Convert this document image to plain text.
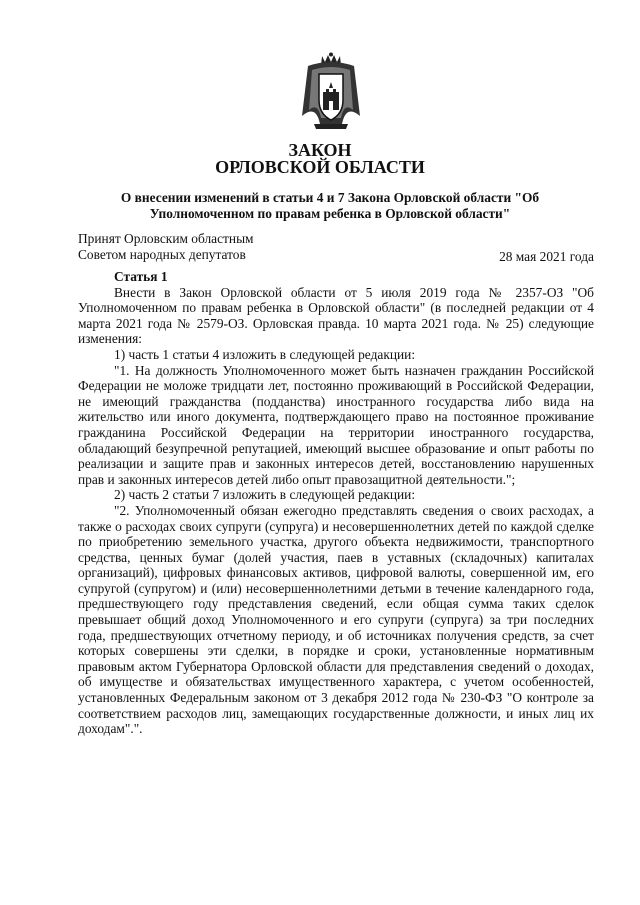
ЗАКОН
ОРЛОВСКОЙ ОБЛАСТИ
О внесении изменений в статьи 4 и 7 Закона Орловской области "Об Уполномоченном по правам ребенка в Орловской области"
Принят Орловским областным
Советом народных депутатов	28 мая 2021 года
Статья 1

Внести в Закон Орловской области от 5 июля 2019 года № 2357-ОЗ "Об Уполномоченном по правам ребенка в Орловской области" (в последней редакции от 4 марта 2021 года № 2579-ОЗ. Орловская правда. 10 марта 2021 года. № 25) следующие изменения:

1) часть 1 статьи 4 изложить в следующей редакции:

"1. На должность Уполномоченного может быть назначен гражданин Российской Федерации не моложе тридцати лет, постоянно проживающий в Российской Федерации, не имеющий гражданства (подданства) иностранного государства либо вида на жительство или иного документа, подтверждающего право на постоянное проживание гражданина Российской Федерации на территории иностранного государства, обладающий безупречной репутацией, имеющий высшее образование и опыт работы по реализации и защите прав и законных интересов детей, восстановлению нарушенных прав и законных интересов детей либо опыт правозащитной деятельности.";

2) часть 2 статьи 7 изложить в следующей редакции:

"2. Уполномоченный обязан ежегодно представлять сведения о своих расходах, а также о расходах своих супруги (супруга) и несовершеннолетних детей по каждой сделке по приобретению земельного участка, другого объекта недвижимости, транспортного средства, ценных бумаг (долей участия, паев в уставных (складочных) капиталах организаций), цифровых финансовых активов, цифровой валюты, совершенной им, его супругой (супругом) и (или) несовершеннолетними детьми в течение календарного года, предшествующего году представления сведений, если общая сумма таких сделок превышает общий доход Уполномоченного и его супруги (супруга) за три последних года, предшествующих отчетному периоду, и об источниках получения средств, за счет которых совершены эти сделки, в порядке и сроки, установленные нормативным правовым актом Губернатора Орловской области для представления сведений о доходах, об имуществе и обязательствах имущественного характера, с учетом особенностей, установленных Федеральным законом от 3 декабря 2012 года № 230-ФЗ "О контроле за соответствием расходов лиц, замещающих государственные должности, и иных лиц их доходам".".
